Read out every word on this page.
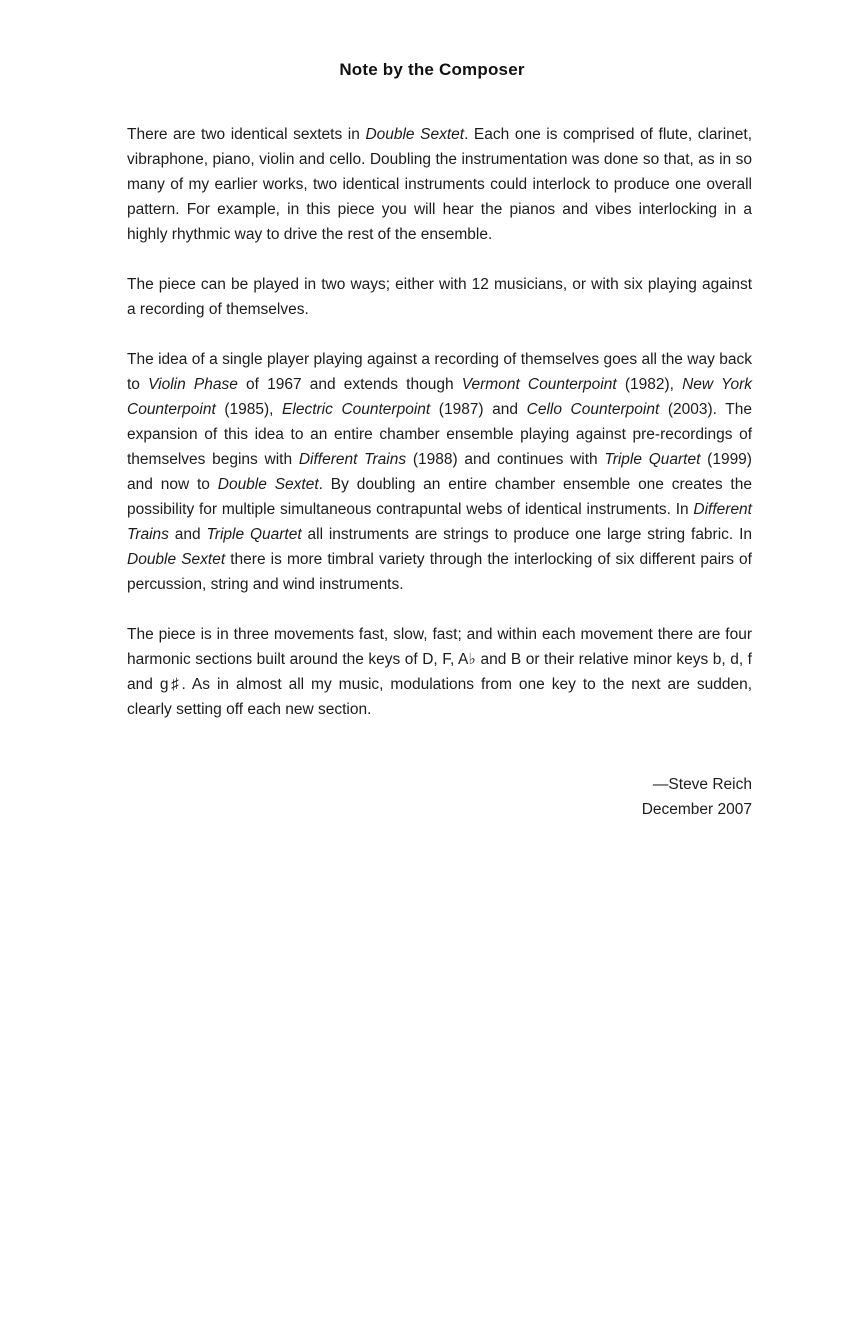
Note by the Composer

There are two identical sextets in Double Sextet. Each one is comprised of flute, clarinet, vibraphone, piano, violin and cello. Doubling the instrumentation was done so that, as in so many of my earlier works, two identical instruments could interlock to produce one overall pattern. For example, in this piece you will hear the pianos and vibes interlocking in a highly rhythmic way to drive the rest of the ensemble.

The piece can be played in two ways; either with 12 musicians, or with six playing against a recording of themselves.

The idea of a single player playing against a recording of themselves goes all the way back to Violin Phase of 1967 and extends though Vermont Counterpoint (1982), New York Counterpoint (1985), Electric Counterpoint (1987) and Cello Counterpoint (2003). The expansion of this idea to an entire chamber ensemble playing against pre-recordings of themselves begins with Different Trains (1988) and continues with Triple Quartet (1999) and now to Double Sextet. By doubling an entire chamber ensemble one creates the possibility for multiple simultaneous contrapuntal webs of identical instruments. In Different Trains and Triple Quartet all instruments are strings to produce one large string fabric. In Double Sextet there is more timbral variety through the interlocking of six different pairs of percussion, string and wind instruments.

The piece is in three movements fast, slow, fast; and within each movement there are four harmonic sections built around the keys of D, F, A♭ and B or their relative minor keys b, d, f and g♯. As in almost all my music, modulations from one key to the next are sudden, clearly setting off each new section.

—Steve Reich
December 2007
